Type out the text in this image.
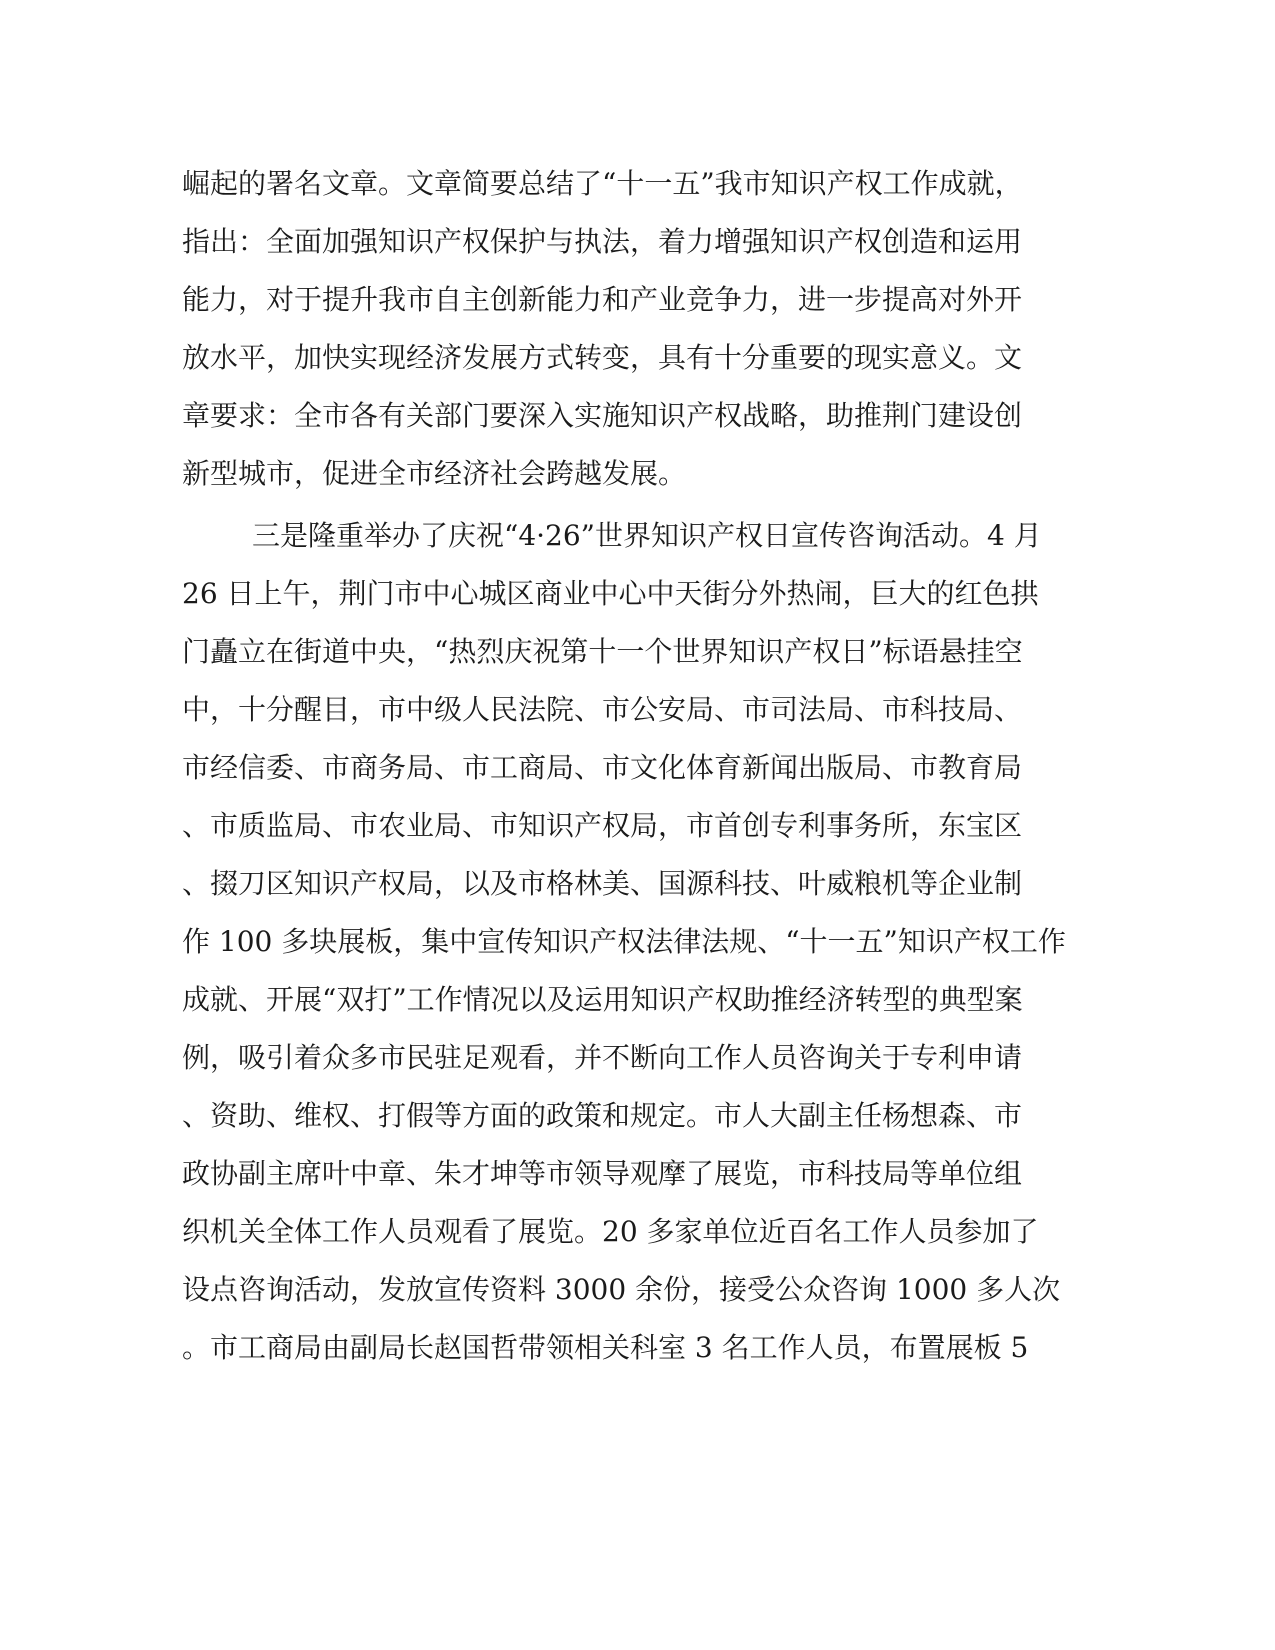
崛起的署名文章。文章简要总结了“十一五”我市知识产权工作成就，
指出：全面加强知识产权保护与执法，着力增强知识产权创造和运用
能力，对于提升我市自主创新能力和产业竞争力，进一步提高对外开
放水平，加快实现经济发展方式转变，具有十分重要的现实意义。文
章要求：全市各有关部门要深入实施知识产权战略，助推荆门建设创
新型城市，促进全市经济社会跨越发展。
三是隆重举办了庆祝“4·26”世界知识产权日宣传咨询活动。4 月
26 日上午，荆门市中心城区商业中心中天街分外热闹，巨大的红色拱
门矗立在街道中央，“热烈庆祝第十一个世界知识产权日”标语悬挂空
中，十分醒目，市中级人民法院、市公安局、市司法局、市科技局、
市经信委、市商务局、市工商局、市文化体育新闻出版局、市教育局
、市质监局、市农业局、市知识产权局，市首创专利事务所，东宝区
、掇刀区知识产权局，以及市格林美、国源科技、叶威粮机等企业制
作 100 多块展板，集中宣传知识产权法律法规、“十一五”知识产权工作
成就、开展“双打”工作情况以及运用知识产权助推经济转型的典型案
例，吸引着众多市民驻足观看，并不断向工作人员咨询关于专利申请
、资助、维权、打假等方面的政策和规定。市人大副主任杨想森、市
政协副主席叶中章、朱才坤等市领导观摩了展览，市科技局等单位组
织机关全体工作人员观看了展览。20 多家单位近百名工作人员参加了
设点咨询活动，发放宣传资料 3000 余份，接受公众咨询 1000 多人次
。市工商局由副局长赵国哲带领相关科室 3 名工作人员，布置展板 5
